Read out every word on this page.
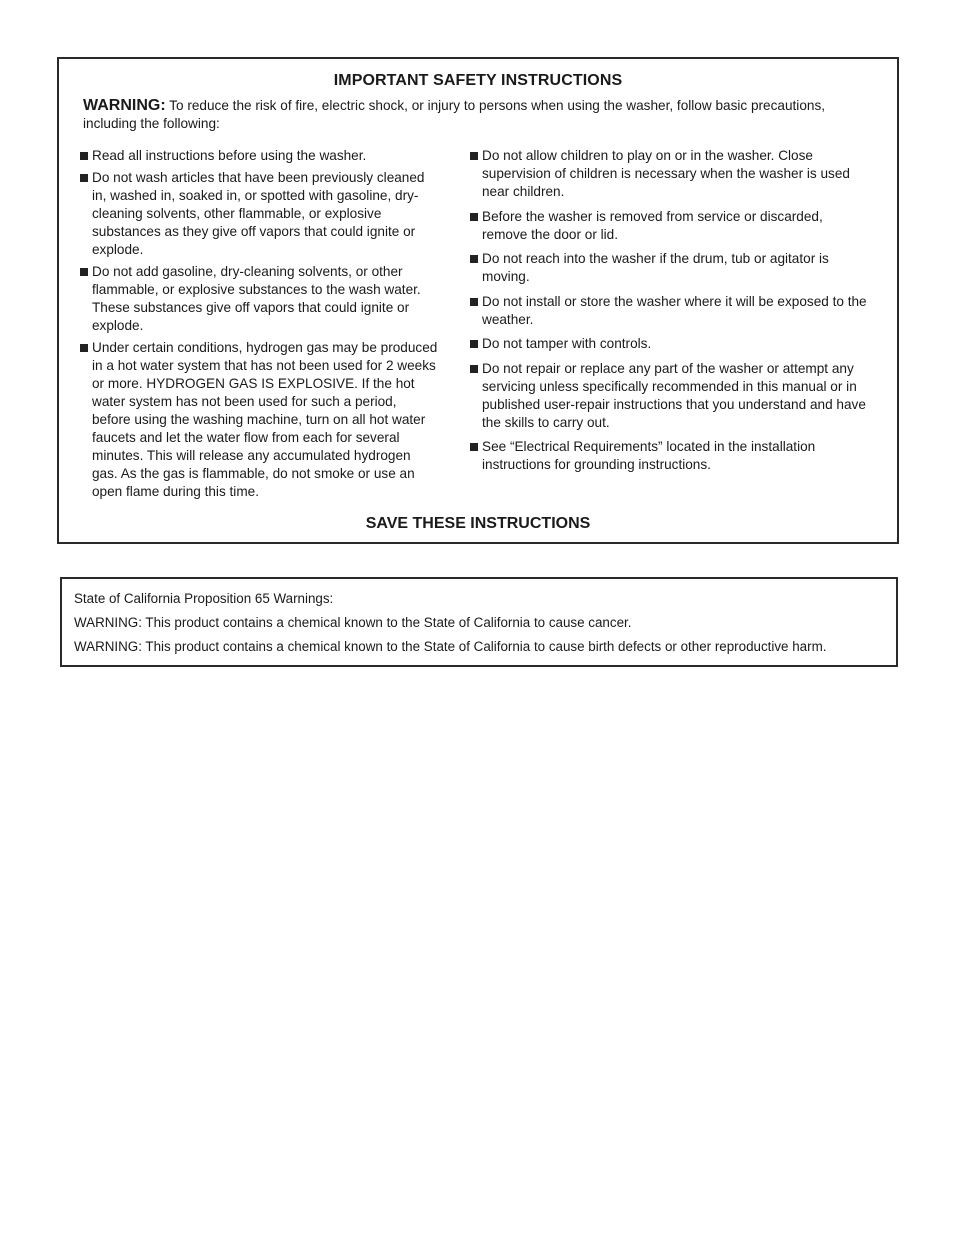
IMPORTANT SAFETY INSTRUCTIONS
WARNING: To reduce the risk of fire, electric shock, or injury to persons when using the washer, follow basic precautions, including the following:
Read all instructions before using the washer.
Do not wash articles that have been previously cleaned in, washed in, soaked in, or spotted with gasoline, dry-cleaning solvents, other flammable, or explosive substances as they give off vapors that could ignite or explode.
Do not add gasoline, dry-cleaning solvents, or other flammable, or explosive substances to the wash water. These substances give off vapors that could ignite or explode.
Under certain conditions, hydrogen gas may be produced in a hot water system that has not been used for 2 weeks or more. HYDROGEN GAS IS EXPLOSIVE. If the hot water system has not been used for such a period, before using the washing machine, turn on all hot water faucets and let the water flow from each for several minutes. This will release any accumulated hydrogen gas. As the gas is flammable, do not smoke or use an open flame during this time.
Do not allow children to play on or in the washer. Close supervision of children is necessary when the washer is used near children.
Before the washer is removed from service or discarded, remove the door or lid.
Do not reach into the washer if the drum, tub or agitator is moving.
Do not install or store the washer where it will be exposed to the weather.
Do not tamper with controls.
Do not repair or replace any part of the washer or attempt any servicing unless specifically recommended in this manual or in published user-repair instructions that you understand and have the skills to carry out.
See “Electrical Requirements” located in the installation instructions for grounding instructions.
SAVE THESE INSTRUCTIONS
State of California Proposition 65 Warnings:
WARNING: This product contains a chemical known to the State of California to cause cancer.
WARNING: This product contains a chemical known to the State of California to cause birth defects or other reproductive harm.
